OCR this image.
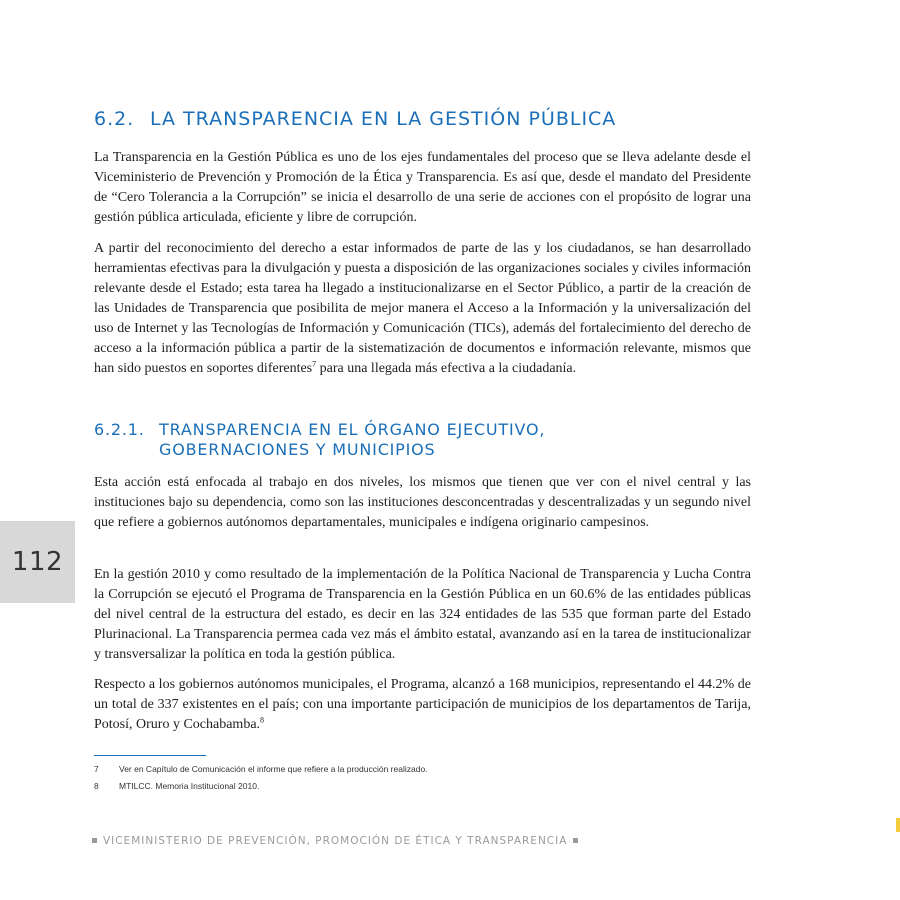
6.2. LA TRANSPARENCIA EN LA GESTIÓN PÚBLICA

La Transparencia en la Gestión Pública es uno de los ejes fundamentales del proceso que se lleva adelante desde el Viceministerio de Prevención y Promoción de la Ética y Transparencia. Es así que, desde el mandato del Presidente de “Cero Tolerancia a la Corrupción” se inicia el desarrollo de una serie de acciones con el propósito de lograr una gestión pública articulada, eficiente y libre de corrupción.

A partir del reconocimiento del derecho a estar informados de parte de las y los ciudadanos, se han desarrollado herramientas efectivas para la divulgación y puesta a disposición de las organizaciones sociales y civiles información relevante desde el Estado; esta tarea ha llegado a institucionalizarse en el Sector Público, a partir de la creación de las Unidades de Transparencia que posibilita de mejor manera el Acceso a la Información y la universalización del uso de Internet y las Tecnologías de Información y Comunicación (TICs), además del fortalecimiento del derecho de acceso a la información pública a partir de la sistematización de documentos e información relevante, mismos que han sido puestos en soportes diferentes$^7$ para una llegada más efectiva a la ciudadanía.

6.2.1. TRANSPARENCIA EN EL ÓRGANO EJECUTIVO,
GOBERNACIONES Y MUNICIPIOS

Esta acción está enfocada al trabajo en dos niveles, los mismos que tienen que ver con el nivel central y las instituciones bajo su dependencia, como son las instituciones desconcentradas y descentralizadas y un segundo nivel que refiere a gobiernos autónomos departamentales, municipales e indígena originario campesinos.

En la gestión 2010 y como resultado de la implementación de la Política Nacional de Transparencia y Lucha Contra la Corrupción se ejecutó el Programa de Transparencia en la Gestión Pública en un 60.6% de las entidades públicas del nivel central de la estructura del estado, es decir en las 324 entidades de las 535 que forman parte del Estado Plurinacional. La Transparencia permea cada vez más el ámbito estatal, avanzando así en la tarea de institucionalizar y transversalizar la política en toda la gestión pública.

Respecto a los gobiernos autónomos municipales, el Programa, alcanzó a 168 municipios, representando el 44.2% de un total de 337 existentes en el país; con una importante participación de municipios de los departamentos de Tarija, Potosí, Oruro y Cochabamba.$^8$

112
7 Ver en Capítulo de Comunicación el informe que refiere a la producción realizado.
8 MTILCC. Memoria Institucional 2010.
VICEMINISTERIO DE PREVENCIÓN, PROMOCIÓN DE ÉTICA Y TRANSPARENCIA
